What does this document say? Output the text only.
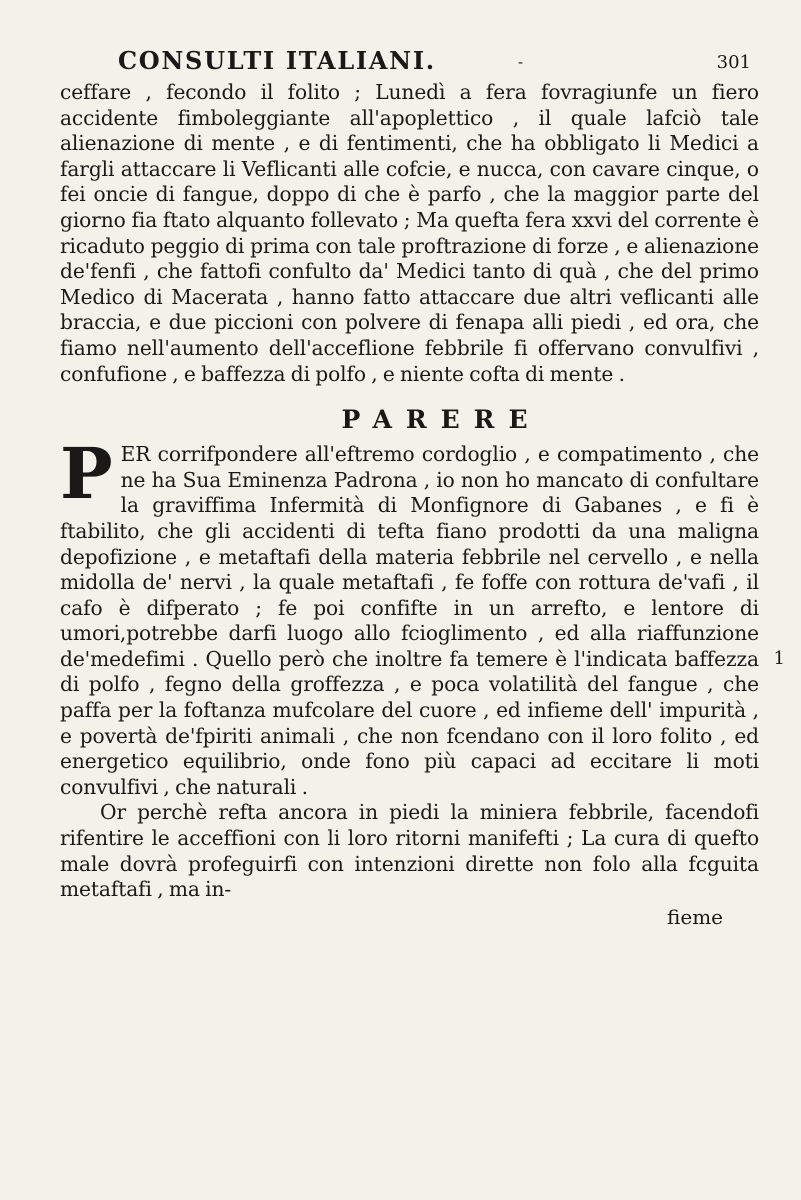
CONSULTI ITALIANI.	-	301

ceffare , fecondo il folito ; Lunedì a fera fovragiunfe un fiero accidente fimboleggiante all'apoplettico , il quale lafciò tale alienazione di mente , e di fentimenti, che ha obbligato li Medici a fargli attaccare li Veflicanti alle cofcie, e nucca, con cavare cinque, o fei oncie di fangue, doppo di che è parfo , che la maggior parte del giorno fia ftato alquanto follevato ; Ma quefta fera xxvi del corrente è ricaduto peggio di prima con tale proftrazione di forze , e alienazione de'fenfi , che fattofi confulto da' Medici tanto di quà , che del primo Medico di Macerata , hanno fatto attaccare due altri veflicanti alle braccia, e due piccioni con polvere di fenapa alli piedi , ed ora, che fiamo nell'aumento dell'acceflione febbrile fi offervano convulfivi , confufione , e baffezza di polfo , e niente cofta di mente .

PARERE
P ER corrifpondere all'eftremo cordoglio , e compatimento , che ne ha Sua Eminenza Padrona , io non ho mancato di confultare la graviffima Infermità di Monfignore di Gabanes , e fi è ftabilito, che gli accidenti di tefta fiano prodotti da una maligna depofizione , e metaftafi della materia febbrile nel cervello , e nella midolla de' nervi , la quale metaftafi , fe foffe con rottura de'vafi , il cafo è difperato ; fe poi confifte in un arrefto, e lentore di umori,potrebbe darfi luogo allo fcioglimento , ed alla riaffunzione de'medefimi . Quello però che inoltre fa temere è l'indicata baffezza di polfo , fegno della groffezza , e poca volatilità del fangue , che paffa per la foftanza mufcolare del cuore , ed infieme dell' impurità , e povertà de'fpiriti animali , che non fcendano con il loro folito , ed energetico equilibrio, onde fono più capaci ad eccitare li moti convulfivi , che naturali .

Or perchè refta ancora in piedi la miniera febbrile, facendofi rifentire le acceffioni con li loro ritorni manifefti ; La cura di quefto male dovrà profeguirfi con intenzioni dirette non folo alla fcguita metaftafi , ma in-

fieme
1
